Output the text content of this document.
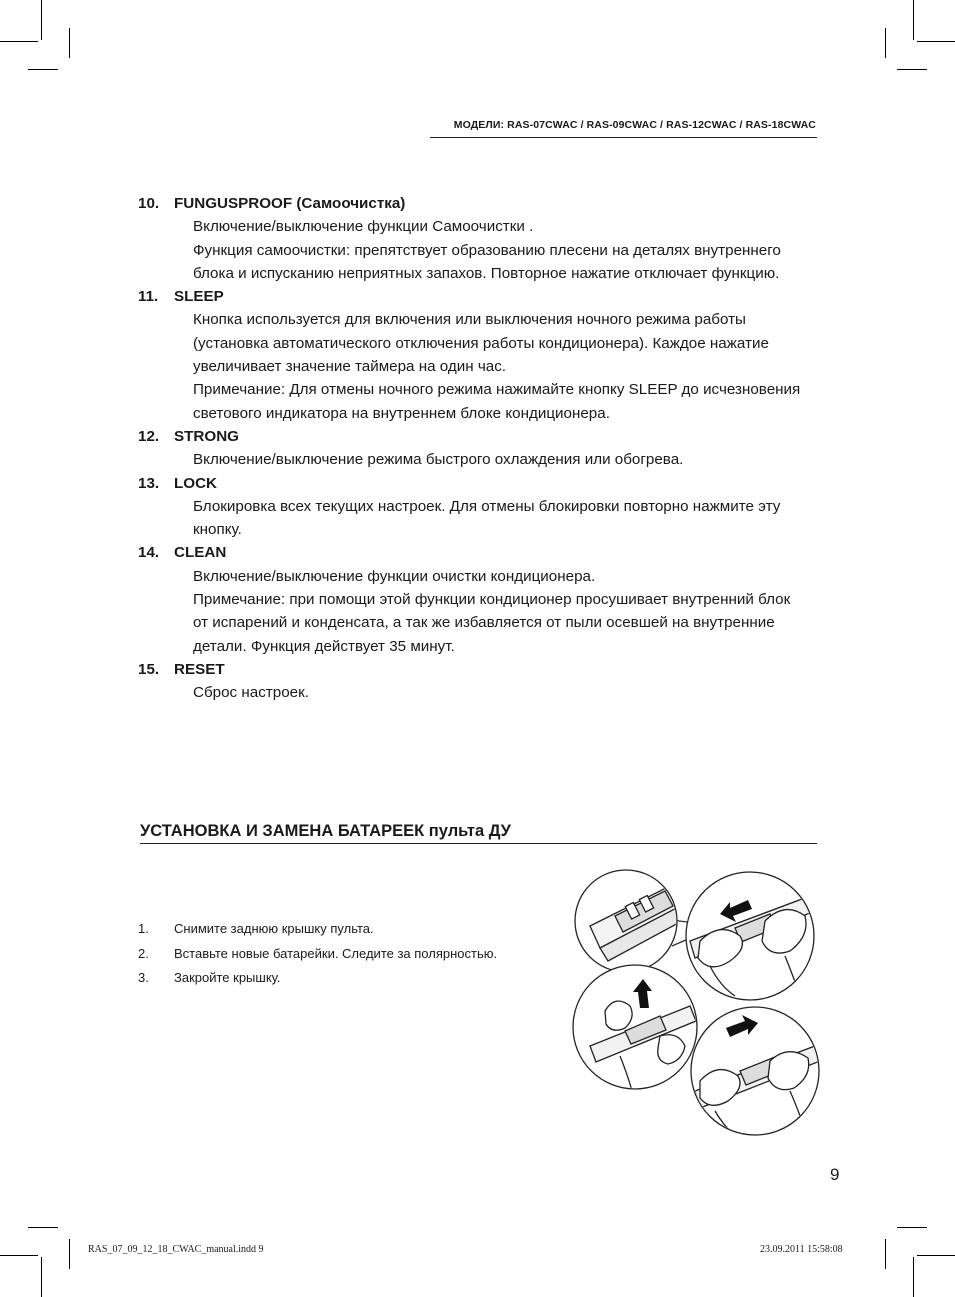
МОДЕЛИ: RAS-07CWAC / RAS-09CWAC / RAS-12CWAC / RAS-18CWAC
10. FUNGUSPROOF (Самоочистка)
Включение/выключение функции Самоочистки .
Функция самоочистки: препятствует образованию плесени на деталях внутреннего
блока и испусканию неприятных запахов. Повторное нажатие отключает функцию.
11.	SLEEP
Кнопка используется для включения или выключения ночного режима работы
(установка автоматического отключения работы кондиционера). Каждое нажатие
увеличивает значение таймера на один час.
Примечание: Для отмены ночного режима нажимайте кнопку SLEEP до исчезновения
светового индикатора на внутреннем блоке кондиционера.
12. STRONG
Включение/выключение режима быстрого охлаждения или обогрева.
13. LOCK
Блокировка всех текущих настроек. Для отмены блокировки повторно нажмите эту
кнопку.
14. CLEAN
Включение/выключение функции очистки кондиционера.
Примечание: при помощи этой функции кондиционер просушивает внутренний блок
от испарений и конденсата, а так же избавляется от пыли осевшей на внутренние
детали. Функция действует 35 минут.
15. RESET
Сброс настроек.
УСТАНОВКА И ЗАМЕНА БАТАРЕЕК пульта ДУ
1.	Снимите заднюю крышку пульта.
2.	Вставьте новые батарейки. Следите за полярностью.
3.	Закройте крышку.
9
RAS_07_09_12_18_CWAC_manual.indd 9	23.09.2011 15:58:08
